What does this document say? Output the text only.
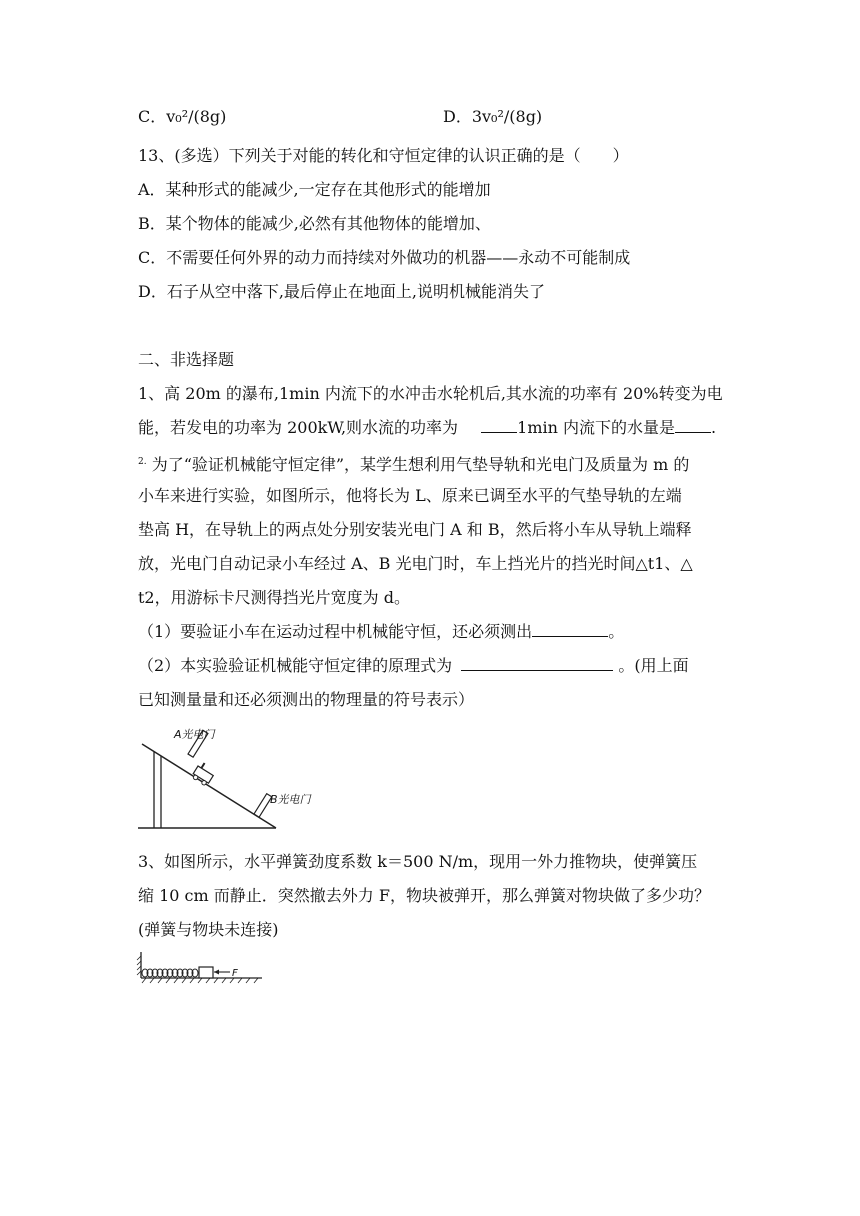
C．v₀²/(8g)	D．3v₀²/(8g)
13、(多选）下列关于对能的转化和守恒定律的认识正确的是（　　）
A．某种形式的能减少,一定存在其他形式的能增加
B．某个物体的能减少,必然有其他物体的能增加、
C．不需要任何外界的动力而持续对外做功的机器——永动不可能制成
D．石子从空中落下,最后停止在地面上,说明机械能消失了
二、非选择题
1、高 20m 的瀑布,1min 内流下的水冲击水轮机后,其水流的功率有 20%转变为电
能，若发电的功率为 200kW,则水流的功率为	1min 内流下的水量是 .
$^{2.}$ 为了“验证机械能守恒定律”，某学生想利用气垫导轨和光电门及质量为 m 的
小车来进行实验，如图所示，他将长为 L、原来已调至水平的气垫导轨的左端
垫高 H，在导轨上的两点处分别安装光电门 A 和 B，然后将小车从导轨上端释
放，光电门自动记录小车经过 A、B 光电门时，车上挡光片的挡光时间△t1、△
t2，用游标卡尺测得挡光片宽度为 d。
（1）要验证小车在运动过程中机械能守恒，还必须测出	。
（2）本实验验证机械能守恒定律的原理式为	。(用上面
已知测量量和还必须测出的物理量的符号表示）
A光电门
B光电门
3、如图所示，水平弹簧劲度系数 k＝500 N/m，现用一外力推物块，使弹簧压
缩 10 cm 而静止．突然撤去外力 F，物块被弹开，那么弹簧对物块做了多少功？
(弹簧与物块未连接)
F
